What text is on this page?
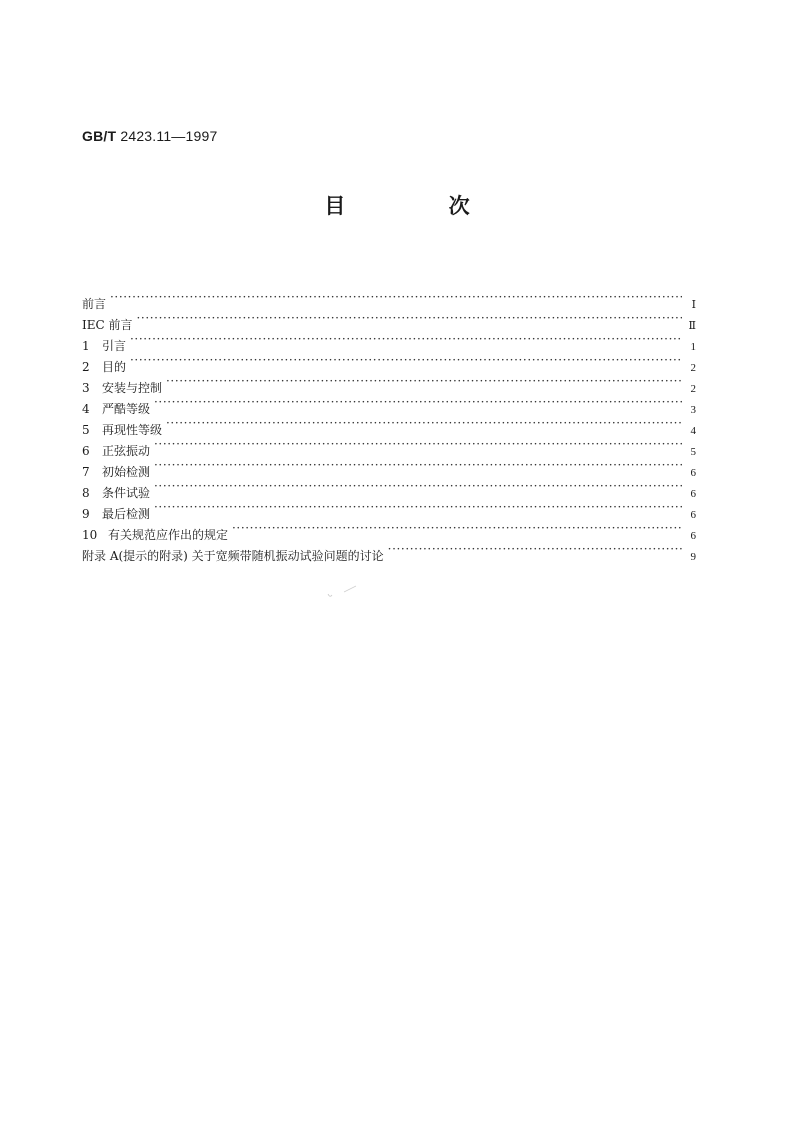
GB/T 2423.11—1997
目 次
前言 ·····	Ⅰ
IEC 前言 ·····	Ⅱ
1	引言 ·····	1
2	目的 ·····	2
3	安装与控制 ·····	2
4	严酷等级 ·····	3
5	再现性等级 ·····	4
6	正弦振动 ·····	5
7	初始检测 ·····	6
8	条件试验 ·····	6
9	最后检测 ·····	6
10 有关规范应作出的规定 ·····	6
附录 A(提示的附录) 关于宽频带随机振动试验问题的讨论 ·····	9
